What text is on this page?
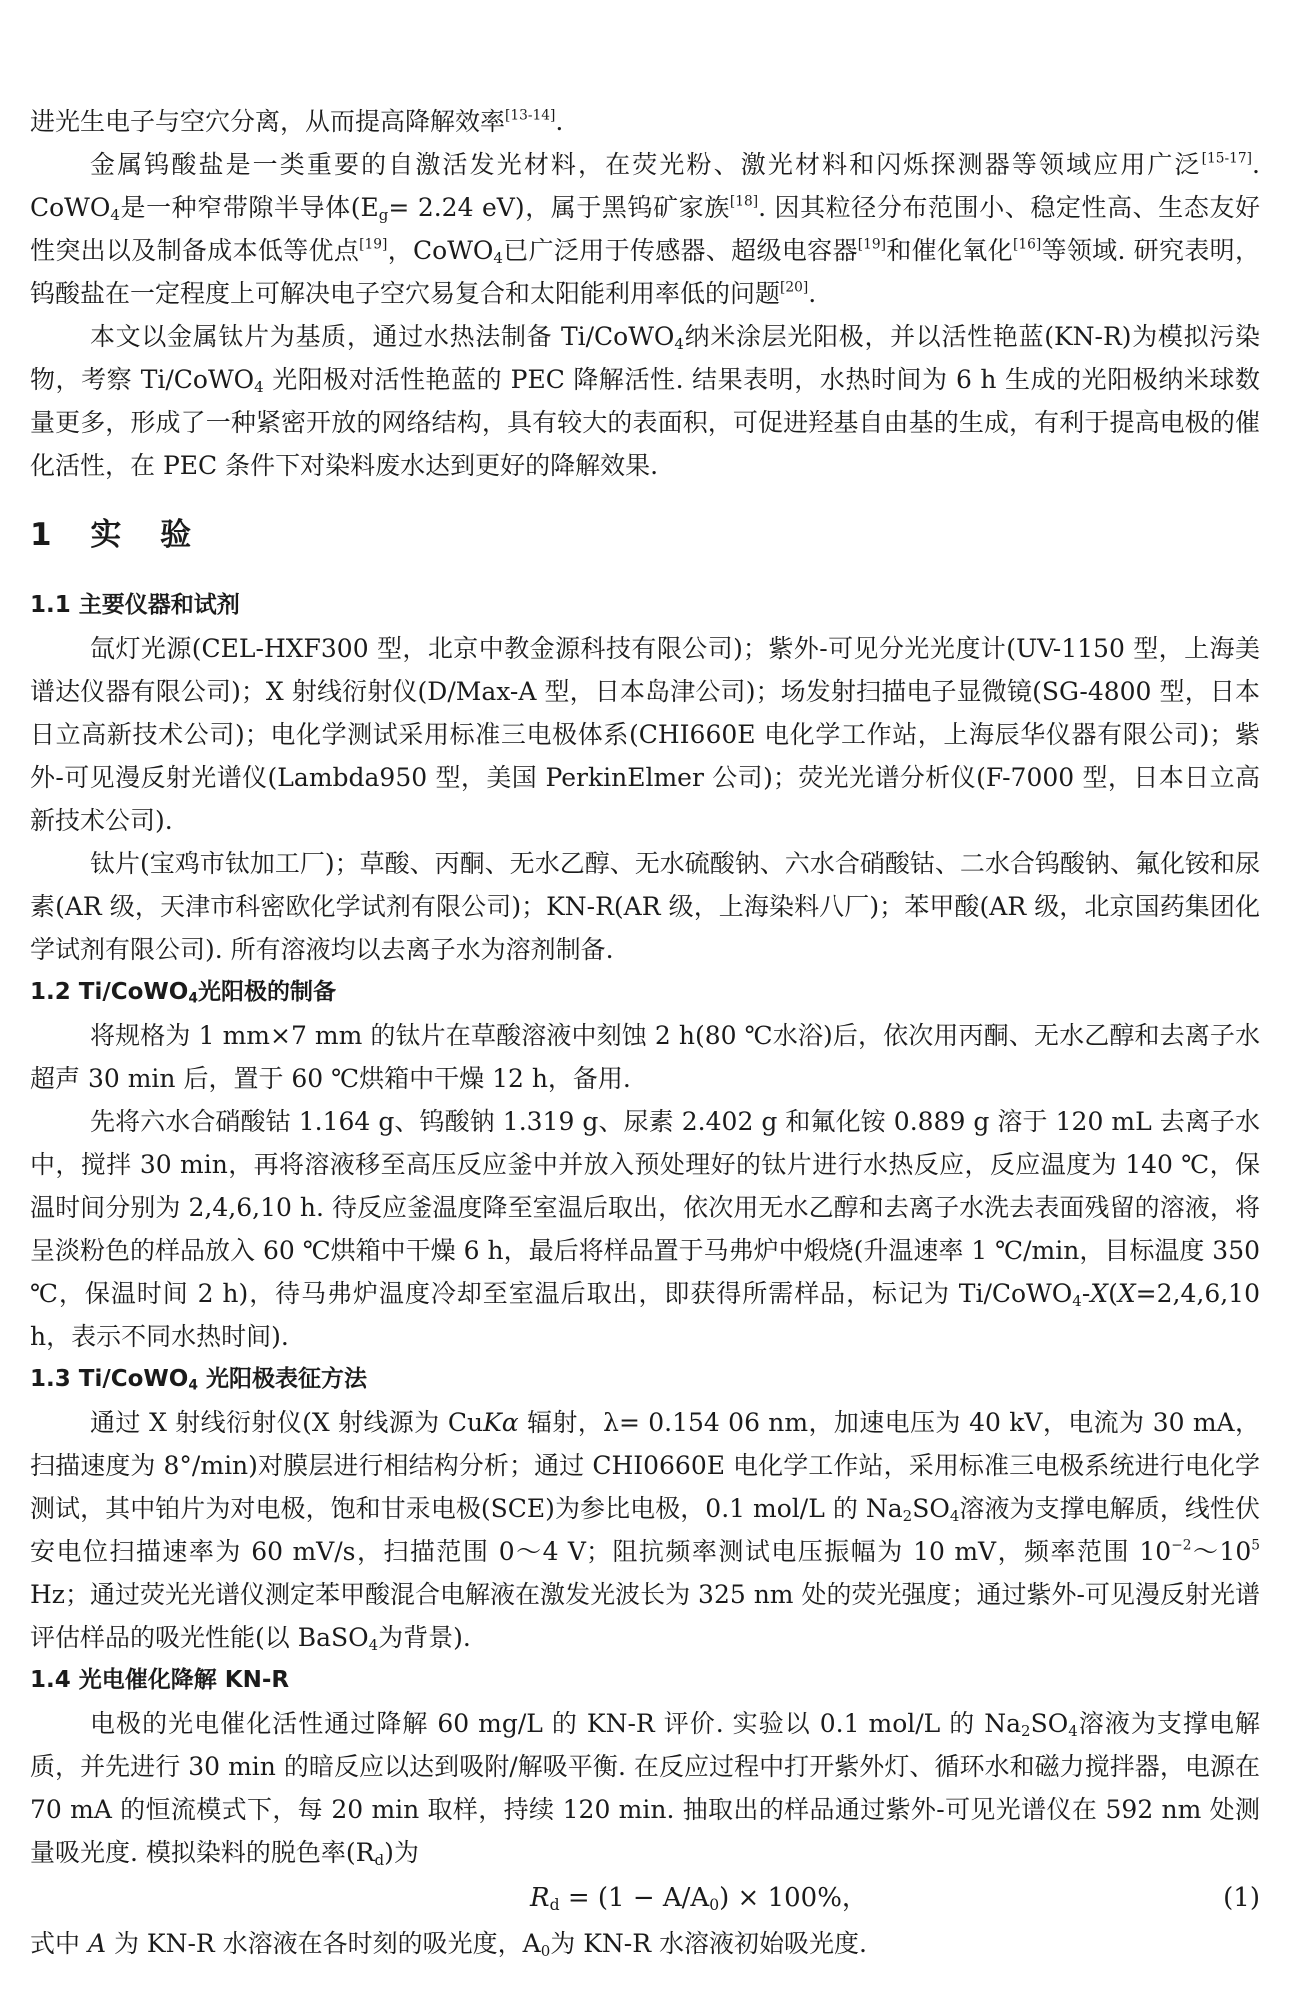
进光生电子与空穴分离，从而提高降解效率[13-14].

金属钨酸盐是一类重要的自激活发光材料，在荧光粉、激光材料和闪烁探测器等领域应用广泛[15-17]. CoWO$_4$是一种窄带隙半导体($E_g= 2.24$ eV)，属于黑钨矿家族[18]. 因其粒径分布范围小、稳定性高、生态友好性突出以及制备成本低等优点[19]，CoWO$_4$已广泛用于传感器、超级电容器[19]和催化氧化[16]等领域. 研究表明，钨酸盐在一定程度上可解决电子空穴易复合和太阳能利用率低的问题[20].

本文以金属钛片为基质，通过水热法制备 Ti/CoWO$_4$纳米涂层光阳极，并以活性艳蓝(KN-R)为模拟污染物，考察 Ti/CoWO$_4$ 光阳极对活性艳蓝的 PEC 降解活性. 结果表明，水热时间为 6 h 生成的光阳极纳米球数量更多，形成了一种紧密开放的网络结构，具有较大的表面积，可促进羟基自由基的生成，有利于提高电极的催化活性，在 PEC 条件下对染料废水达到更好的降解效果.

1 实 验
1.1 主要仪器和试剂

氙灯光源(CEL-HXF300 型，北京中教金源科技有限公司)；紫外-可见分光光度计(UV-1150 型，上海美谱达仪器有限公司)；X 射线衍射仪(D/Max-A 型，日本岛津公司)；场发射扫描电子显微镜(SG-4800 型，日本日立高新技术公司)；电化学测试采用标准三电极体系(CHI660E 电化学工作站，上海辰华仪器有限公司)；紫外-可见漫反射光谱仪(Lambda950 型，美国 PerkinElmer 公司)；荧光光谱分析仪(F-7000 型，日本日立高新技术公司).

钛片(宝鸡市钛加工厂)；草酸、丙酮、无水乙醇、无水硫酸钠、六水合硝酸钴、二水合钨酸钠、氟化铵和尿素(AR 级，天津市科密欧化学试剂有限公司)；KN-R(AR 级，上海染料八厂)；苯甲酸(AR 级，北京国药集团化学试剂有限公司). 所有溶液均以去离子水为溶剂制备.

1.2 Ti/CoWO$_4$光阳极的制备

将规格为 1 mm×7 mm 的钛片在草酸溶液中刻蚀 2 h(80 ℃水浴)后，依次用丙酮、无水乙醇和去离子水超声 30 min 后，置于 60 ℃烘箱中干燥 12 h，备用.

先将六水合硝酸钴 1.164 g、钨酸钠 1.319 g、尿素 2.402 g 和氟化铵 0.889 g 溶于 120 mL 去离子水中，搅拌 30 min，再将溶液移至高压反应釜中并放入预处理好的钛片进行水热反应，反应温度为 140 ℃，保温时间分别为 2,4,6,10 h. 待反应釜温度降至室温后取出，依次用无水乙醇和去离子水洗去表面残留的溶液，将呈淡粉色的样品放入 60 ℃烘箱中干燥 6 h，最后将样品置于马弗炉中煅烧(升温速率 1 ℃/min，目标温度 350 ℃，保温时间 2 h)，待马弗炉温度冷却至室温后取出，即获得所需样品，标记为 Ti/CoWO$_4$-X(X=2,4,6,10 h，表示不同水热时间).

1.3 Ti/CoWO$_4$ 光阳极表征方法

通过 X 射线衍射仪(X 射线源为 CuKα 辐射，λ= 0.154 06 nm，加速电压为 40 kV，电流为 30 mA，扫描速度为 8°/min)对膜层进行相结构分析；通过 CHI0660E 电化学工作站，采用标准三电极系统进行电化学测试，其中铂片为对电极，饱和甘汞电极(SCE)为参比电极，0.1 mol/L 的 $Na_2SO_4$溶液为支撑电解质，线性伏安电位扫描速率为 60 mV/s，扫描范围 0～4 V；阻抗频率测试电压振幅为 10 mV，频率范围 $10^{-2}\sim 10^5$ Hz；通过荧光光谱仪测定苯甲酸混合电解液在激发光波长为 325 nm 处的荧光强度；通过紫外-可见漫反射光谱评估样品的吸光性能(以 BaSO$_4$为背景).

1.4 光电催化降解 KN-R

电极的光电催化活性通过降解 60 mg/L 的 KN-R 评价. 实验以 0.1 mol/L 的 $Na_2SO_4$溶液为支撑电解质，并先进行 30 min 的暗反应以达到吸附/解吸平衡. 在反应过程中打开紫外灯、循环水和磁力搅拌器，电源在 70 mA 的恒流模式下，每 20 min 取样，持续 120 min. 抽取出的样品通过紫外-可见光谱仪在 592 nm 处测量吸光度. 模拟染料的脱色率$(R_d)$为

$R_d = (1 - A/A_0) \times 100\%$，	(1)

式中 A 为 KN-R 水溶液在各时刻的吸光度，$A_0$为 KN-R 水溶液初始吸光度.
